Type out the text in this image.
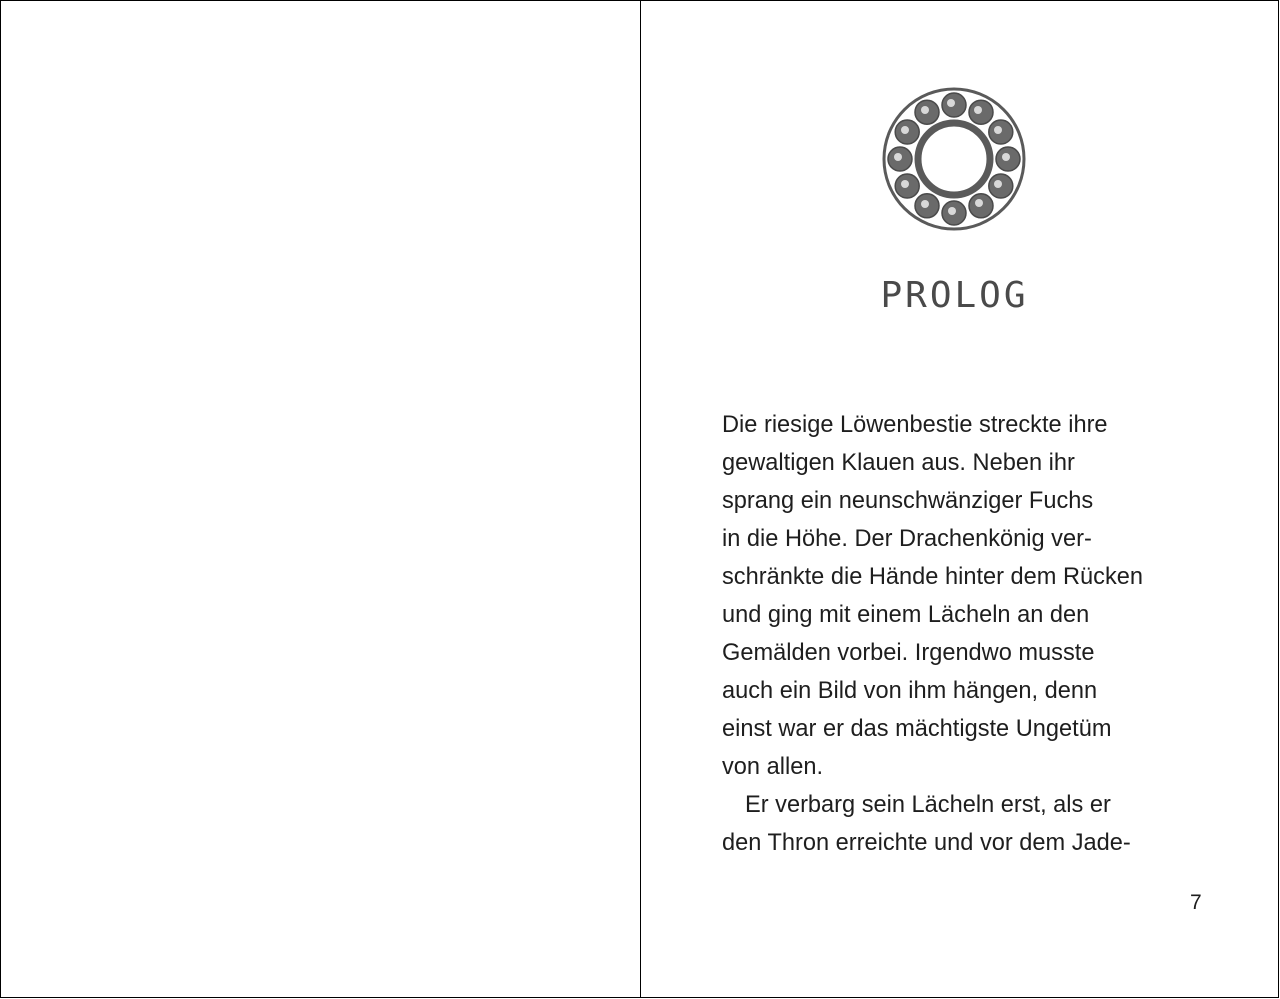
PROLOG
Die riesige Löwenbestie streckte ihre
gewaltigen Klauen aus. Neben ihr
sprang ein neunschwänziger Fuchs
in die Höhe. Der Drachenkönig ver-
schränkte die Hände hinter dem Rücken
und ging mit einem Lächeln an den
Gemälden vorbei. Irgendwo musste
auch ein Bild von ihm hängen, denn
einst war er das mächtigste Ungetüm
von allen.
Er verbarg sein Lächeln erst, als er
den Thron erreichte und vor dem Jade-
7
